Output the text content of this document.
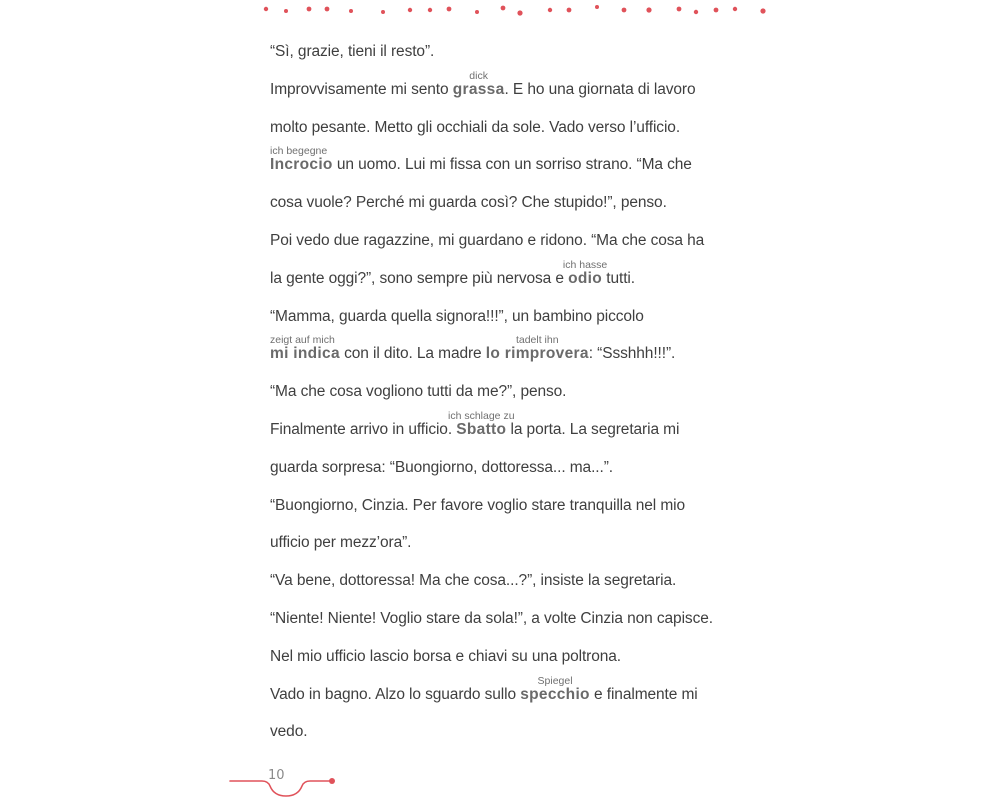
“Sì, grazie, tieni il resto”.
Improvvisamente mi sento
dick
grassa. E ho una giornata di lavoro
molto pesante. Metto gli occhiali da sole. Vado verso l’ufficio.
ich begegne
Incrocio un uomo. Lui mi fissa con un sorriso strano. “Ma che
cosa vuole? Perché mi guarda così? Che stupido!”, penso.
Poi vedo due ragazzine, mi guardano e ridono. “Ma che cosa ha
la gente oggi?”, sono sempre più nervosa e
ich hasse
odio tutti.
“Mamma, guarda quella signora!!!”, un bambino piccolo
zeigt auf mich
mi indica con il dito. La madre
tadelt ihn
lo rimprovera: “Ssshhh!!!”.
“Ma che cosa vogliono tutti da me?”, penso.
Finalmente arrivo in ufficio.
ich schlage zu
Sbatto la porta. La segretaria mi
guarda sorpresa: “Buongiorno, dottoressa... ma...”.
“Buongiorno, Cinzia. Per favore voglio stare tranquilla nel mio
ufficio per mezz’ora”.
“Va bene, dottoressa! Ma che cosa...?”, insiste la segretaria.
“Niente! Niente! Voglio stare da sola!”, a volte Cinzia non capisce.
Nel mio ufficio lascio borsa e chiavi su una poltrona.
Vado in bagno. Alzo lo sguardo sullo
Spiegel
specchio e finalmente mi
vedo.
10
